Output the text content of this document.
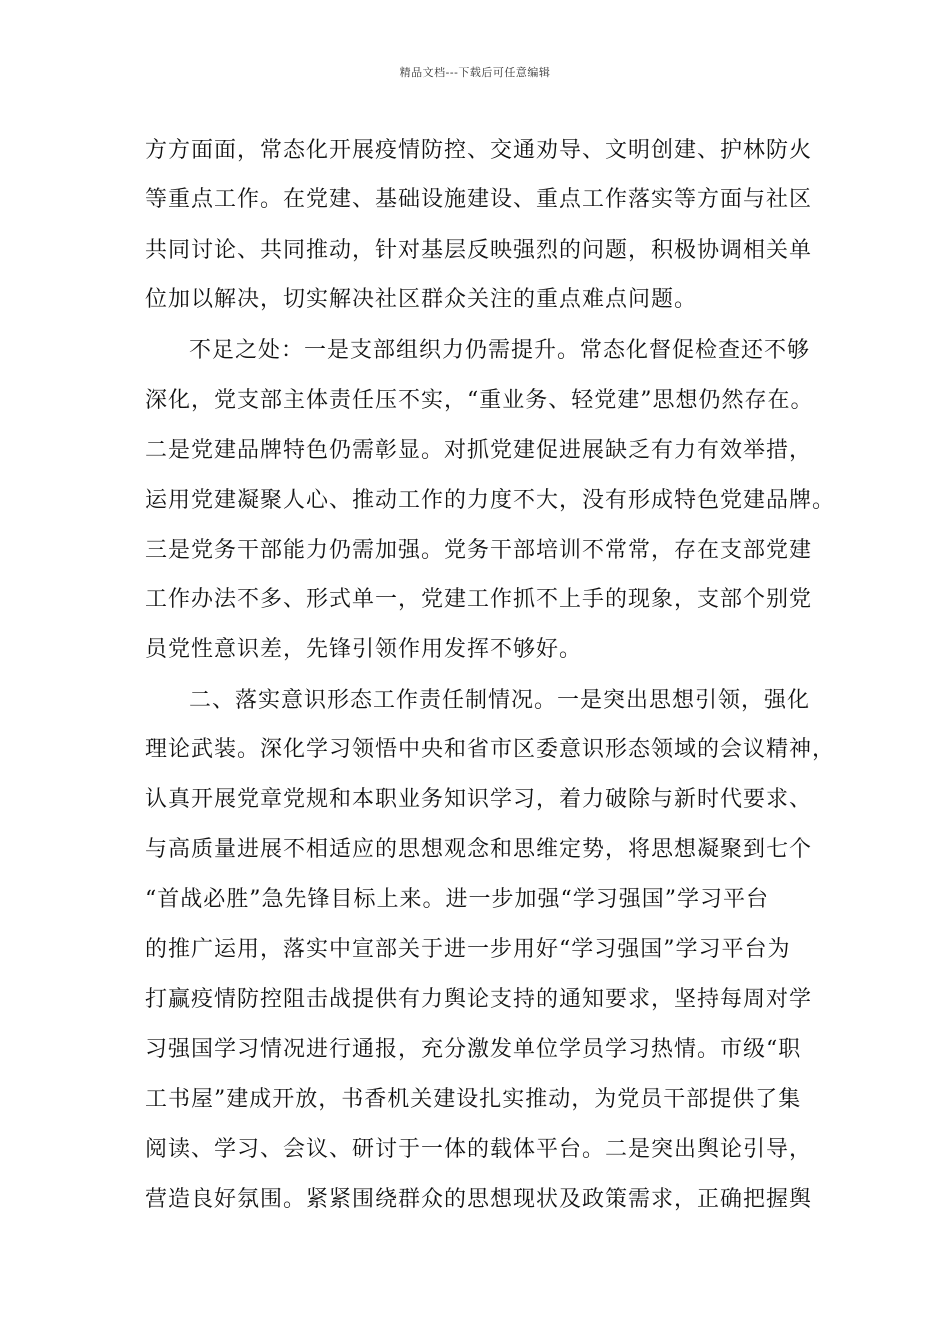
精品文档---下载后可任意编辑
方方面面，常态化开展疫情防控、交通劝导、文明创建、护林防火
等重点工作。在党建、基础设施建设、重点工作落实等方面与社区
共同讨论、共同推动，针对基层反映强烈的问题，积极协调相关单
位加以解决，切实解决社区群众关注的重点难点问题。
不足之处：一是支部组织力仍需提升。常态化督促检查还不够
深化，党支部主体责任压不实，“重业务、轻党建”思想仍然存在。
二是党建品牌特色仍需彰显。对抓党建促进展缺乏有力有效举措，
运用党建凝聚人心、推动工作的力度不大，没有形成特色党建品牌。
三是党务干部能力仍需加强。党务干部培训不常常，存在支部党建
工作办法不多、形式单一，党建工作抓不上手的现象，支部个别党
员党性意识差，先锋引领作用发挥不够好。
二、落实意识形态工作责任制情况。一是突出思想引领，强化
理论武装。深化学习领悟中央和省市区委意识形态领域的会议精神，
认真开展党章党规和本职业务知识学习，着力破除与新时代要求、
与高质量进展不相适应的思想观念和思维定势，将思想凝聚到七个
“首战必胜”急先锋目标上来。进一步加强“学习强国”学习平台
的推广运用，落实中宣部关于进一步用好“学习强国”学习平台为
打赢疫情防控阻击战提供有力舆论支持的通知要求，坚持每周对学
习强国学习情况进行通报，充分激发单位学员学习热情。市级“职
工书屋”建成开放，书香机关建设扎实推动，为党员干部提供了集
阅读、学习、会议、研讨于一体的载体平台。二是突出舆论引导，
营造良好氛围。紧紧围绕群众的思想现状及政策需求，正确把握舆
